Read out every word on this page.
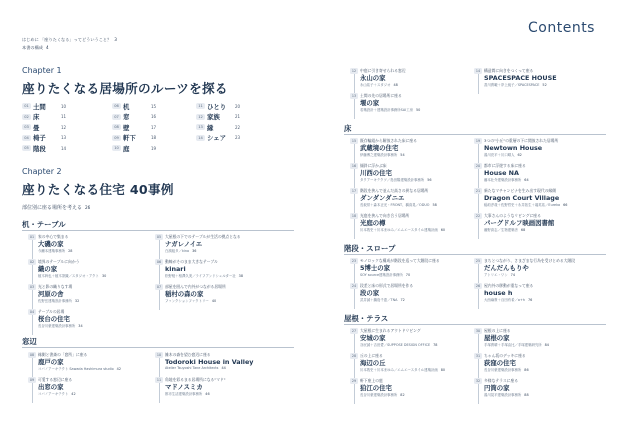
Contents
はじめに 「座りたくなる」ってどういうこと？ 3
本書の構成 4
Chapter 1
座りたくなる居場所のルーツを探る
01 土間	10
02 床	11
03 畳	12
04 椅子	13
05 階段	14
06 机	15
07 窓	16
08 壁	17
09 軒下	18
10 庭	19
11 ひとり	20
12 家族	21
13 縁	22
14 シェア	23
Chapter 2
座りたくなる住宅 40事例
部位別に座る場所を考える 26
机・テーブル
01	家の中心で集まる
大磯の家
今瀬本建築事務所 28
02	境界のテーブルに向かう
織の家
植木幹也＋植木茶織／スタジオ・アクト 30
03	光と影の織りなす場
河原の舎
佐野岳建築設計事務所 32
04	テーブルの居場
桜台の住宅
長谷川豪建築設計事務所 34
05	大屋根の下でのテーブルが生活の拠点となる
ナガレノイエ
白濱組タ／kino 36
06	動線がそのまま大きなテーブル
kinari
松野勉＋相澤久美／ライフアンドシェルター社 38
07	部屋を囲んで内外がつながる居場所
稲村の森の家
ファンクションファクトリー 40
窓辺
08	縁側と書斎の「窓所」に座る
鹿戸の家
コバノアーキテクト Sawada Hashimura studio 42
09	可愛する窓辺に座る
出窓の家
コバノアーキテクト 42
10	雑木の森を望む窓辺に座る
Todoroki House in Valley
Atelier Tsuyoshi Tane Architects 44
11	角地を彩るまる居場所になる"マド"
マドノスミカ
都市生活建築設計事務所 46
12	中庭に引き寄せられる窓辺
永山の家
永山祐子＋スタジオ 48
13	土間の先の居場所に座る
堰の家
若築設計＋建築設計事務所SAI工房 50
14	構造間に向きをつくって座る
SPACESPACE HOUSE
香川貴範＋岸上純子／SPACESPACE 52
床
15	既存輪組から解放された床に座る
武蔵境の住宅
伊藤博之建築設計事務所 54
16	傾斜に浮かぶ床
川西の住宅
タクアーキテクツ／島田陽建築設計事務所 56
17	階段を挟んで並んだ高さの異なる居場所
ダンダンダニエ
長坂常＋森本正光・FRONT、橋高晃／ODUO 58
18	光庭を挟んで向き合う居場所
光庭の樽
川本敦史＋川本まゆみ／エムエースタイル建築計画 60
19	3つの"小丘"の重層の下に開放された居場所
Newtown House
湯川亮平＋川口晴人 62
20	都市に浮遊する床に座る
House NA
藤本壮介建築設計事務所 64
21	新たなマチャンピナを生み出す現代の縁側
Dragon Court Village
稲垣淳哉＋佐野哲史＋永井拓生＋堀英祐／Eureka 66
22	大事さんのようなリビングに座る
パーグドルフ映画図書館
藤野高志／生物建築舎 68
階段・スロープ
23	モノロックな構成が階段を巡って大階段に座る
5博士の家
SOY source建築設計事務所 70
24	段差と床の形式で居場所を作る
段の家
武井誠＋鍋島千恵／TNA 72
25	まちとつながり、さまざまな行為を受けとめる大階段
だんだんもりや
アトリエ・ワン 74
26	屋内外の移動が重なって座る
house h
大西麻貴＋百田有希／o+h 76
屋根・テラス
27	大屋根に生まれるアウトドリビング
安城の家
谷尻誠＋吉田愛／SUPPOSE DESIGN OFFICE 78
28	丘の上に座る
海辺の丘
川本敦史＋川本まゆみ／エムエースタイル建築計画 80
29	軒下座上の庭
狛江の住宅
長谷川豪建築設計事務所 82
30	屋根の上に座る
屋根の家
手塚貴晴＋手塚由比／手塚建築研究所 84
31	ちゃん坂のデッキに座る
荻窪の住宅
長谷川豪建築設計事務所 86
32	多様なテラスに座る
円筒の家
湯川晃平建築設計事務所 88
